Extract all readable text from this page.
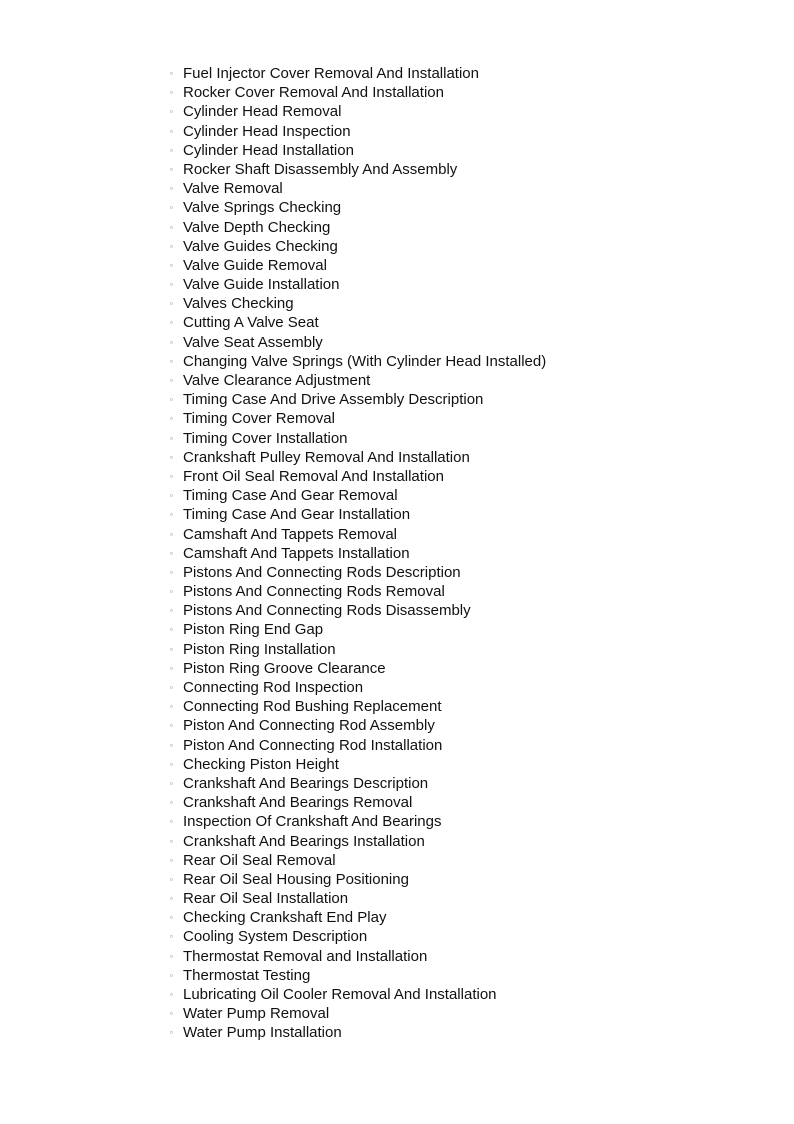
▫ Fuel Injector Cover Removal And Installation
▫ Rocker Cover Removal And Installation
▫ Cylinder Head Removal
▫ Cylinder Head Inspection
▫ Cylinder Head Installation
▫ Rocker Shaft Disassembly And Assembly
▫ Valve Removal
▫ Valve Springs Checking
▫ Valve Depth Checking
▫ Valve Guides Checking
▫ Valve Guide Removal
▫ Valve Guide Installation
▫ Valves Checking
▫ Cutting A Valve Seat
▫ Valve Seat Assembly
▫ Changing Valve Springs (With Cylinder Head Installed)
▫ Valve Clearance Adjustment
▫ Timing Case And Drive Assembly Description
▫ Timing Cover Removal
▫ Timing Cover Installation
▫ Crankshaft Pulley Removal And Installation
▫ Front Oil Seal Removal And Installation
▫ Timing Case And Gear Removal
▫ Timing Case And Gear Installation
▫ Camshaft And Tappets Removal
▫ Camshaft And Tappets Installation
▫ Pistons And Connecting Rods Description
▫ Pistons And Connecting Rods Removal
▫ Pistons And Connecting Rods Disassembly
▫ Piston Ring End Gap
▫ Piston Ring Installation
▫ Piston Ring Groove Clearance
▫ Connecting Rod Inspection
▫ Connecting Rod Bushing Replacement
▫ Piston And Connecting Rod Assembly
▫ Piston And Connecting Rod Installation
▫ Checking Piston Height
▫ Crankshaft And Bearings Description
▫ Crankshaft And Bearings Removal
▫ Inspection Of Crankshaft And Bearings
▫ Crankshaft And Bearings Installation
▫ Rear Oil Seal Removal
▫ Rear Oil Seal Housing Positioning
▫ Rear Oil Seal Installation
▫ Checking Crankshaft End Play
▫ Cooling System Description
▫ Thermostat Removal and Installation
▫ Thermostat Testing
▫ Lubricating Oil Cooler Removal And Installation
▫ Water Pump Removal
▫ Water Pump Installation
